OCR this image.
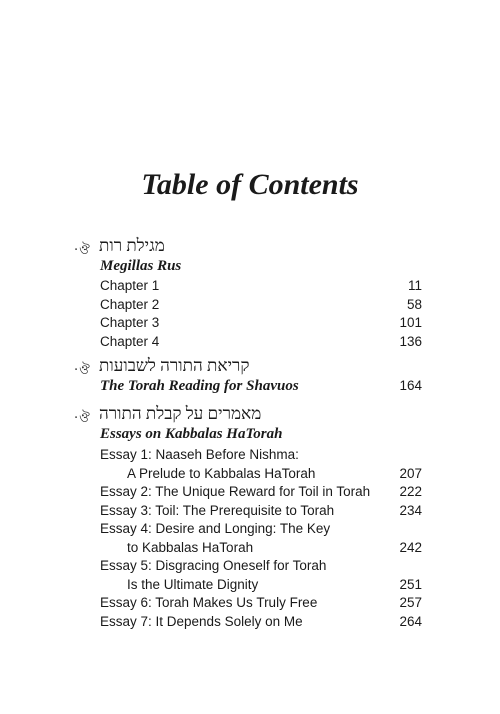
Table of Contents
·ঔ מגילת רות
Megillas Rus
Chapter 1	11
Chapter 2	58
Chapter 3	101
Chapter 4	136
·ঔ קריאת התורה לשבועות
The Torah Reading for Shavuos	164
·ঔ מאמרים על קבלת התורה
Essays on Kabbalas HaTorah
Essay 1: Naaseh Before Nishma:
A Prelude to Kabbalas HaTorah	207
Essay 2: The Unique Reward for Toil in Torah 222
Essay 3: Toil: The Prerequisite to Torah	234
Essay 4: Desire and Longing: The Key
to Kabbalas HaTorah	242
Essay 5: Disgracing Oneself for Torah
Is the Ultimate Dignity	251
Essay 6: Torah Makes Us Truly Free	257
Essay 7: It Depends Solely on Me	264
